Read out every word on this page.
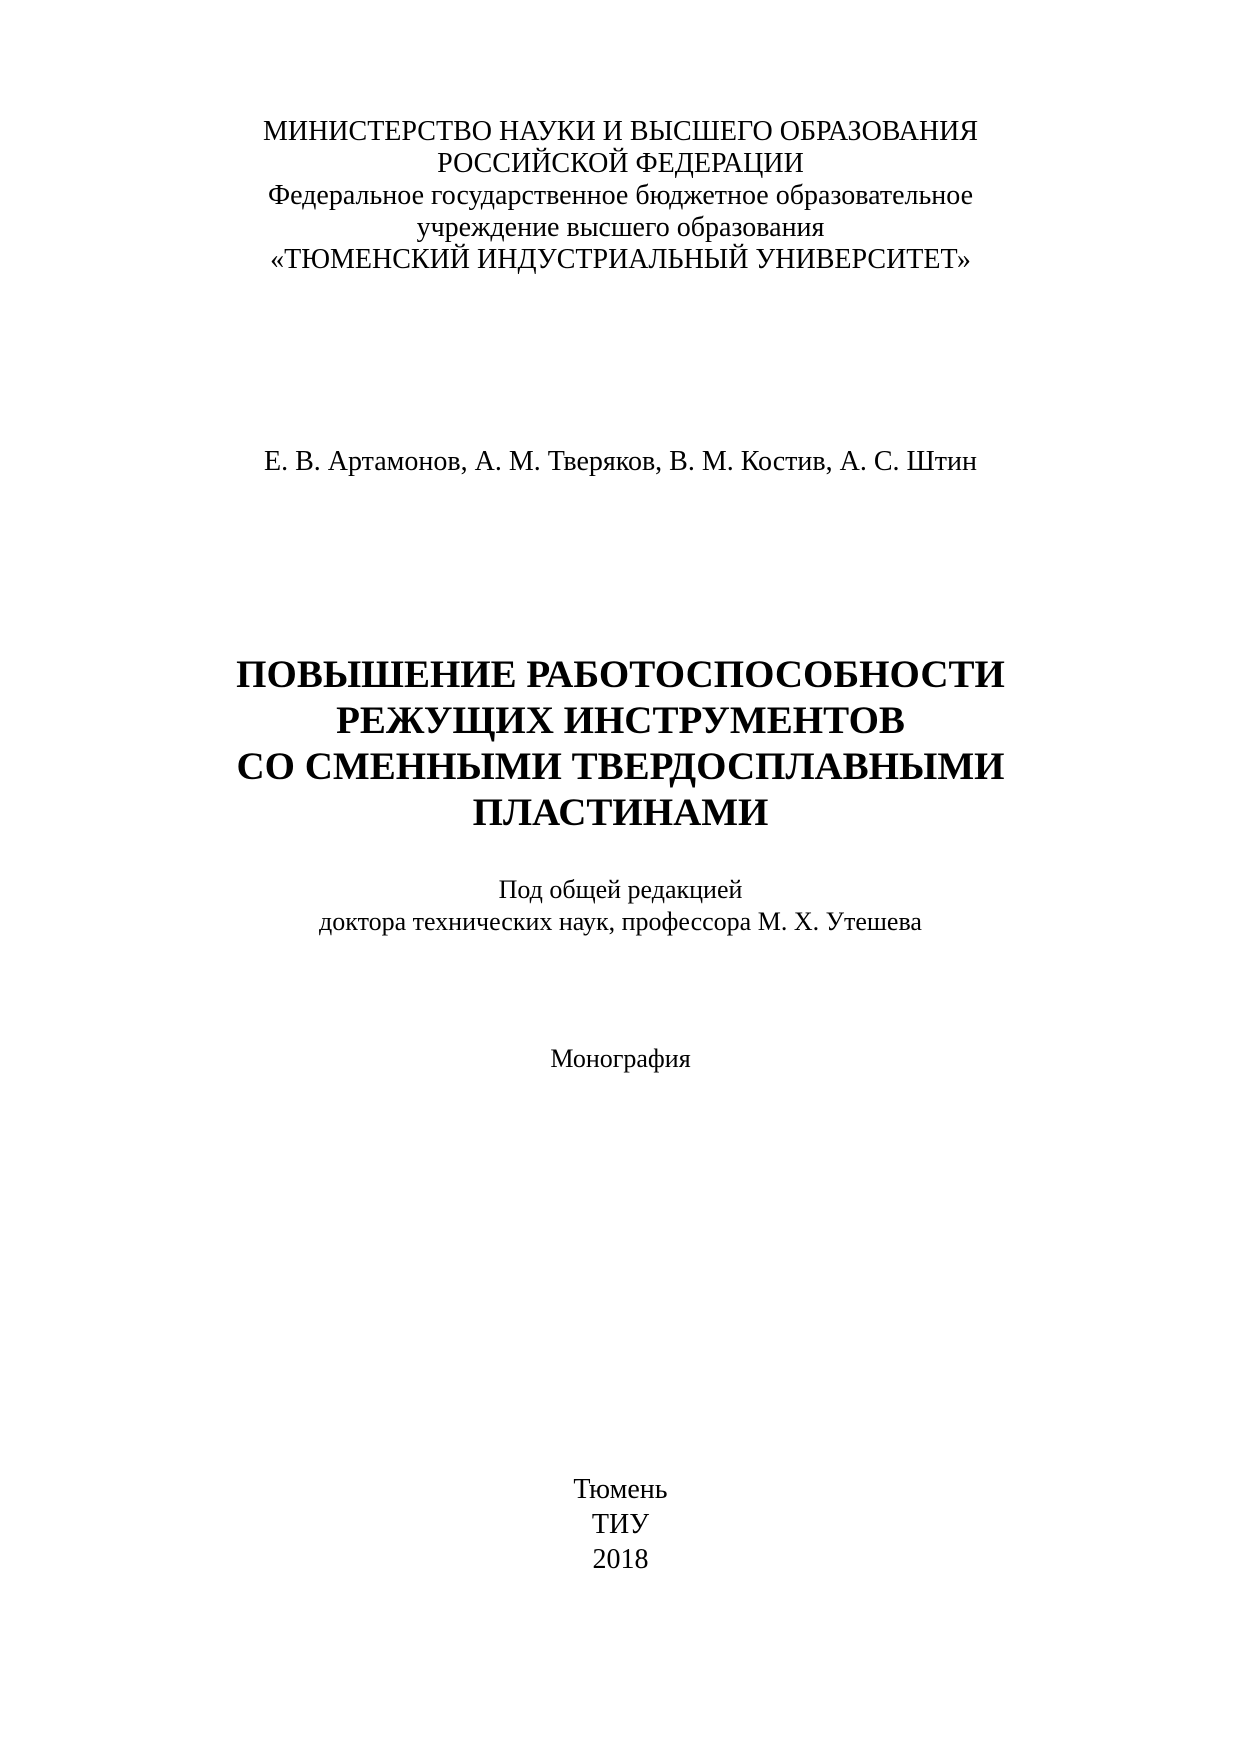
МИНИСТЕРСТВО НАУКИ И ВЫСШЕГО ОБРАЗОВАНИЯ
РОССИЙСКОЙ ФЕДЕРАЦИИ
Федеральное государственное бюджетное образовательное
учреждение высшего образования
«ТЮМЕНСКИЙ ИНДУСТРИАЛЬНЫЙ УНИВЕРСИТЕТ»
Е. В. Артамонов, А. М. Тверяков, В. М. Костив, А. С. Штин
ПОВЫШЕНИЕ РАБОТОСПОСОБНОСТИ
РЕЖУЩИХ ИНСТРУМЕНТОВ
СО СМЕННЫМИ ТВЕРДОСПЛАВНЫМИ
ПЛАСТИНАМИ
Под общей редакцией
доктора технических наук, профессора М. Х. Утешева
Монография
Тюмень
ТИУ
2018
